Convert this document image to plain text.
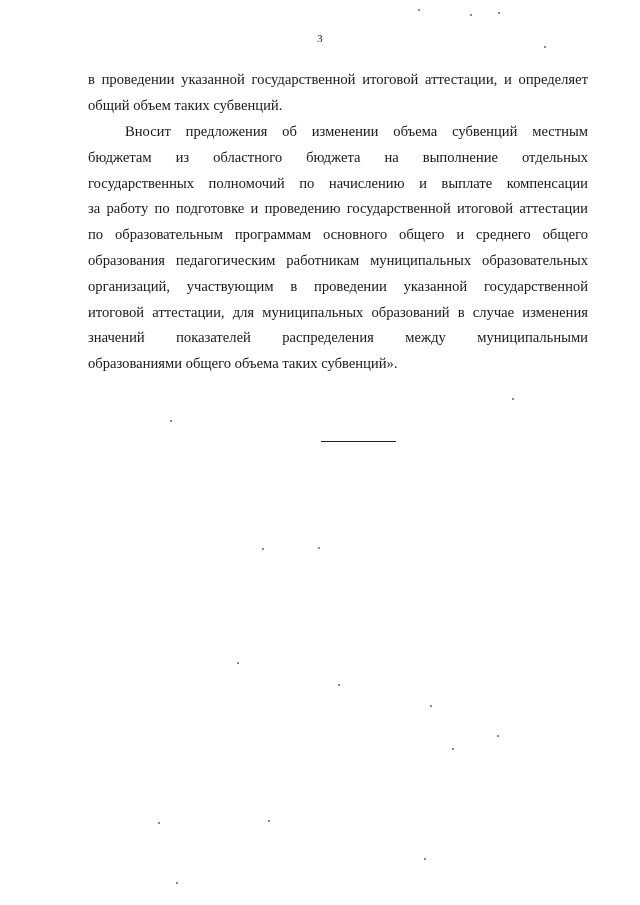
3
в проведении указанной государственной итоговой аттестации, и определяет
общий объем таких субвенций.
Вносит предложения об изменении объема субвенций местным
бюджетам из областного бюджета на выполнение отдельных
государственных полномочий по начислению и выплате компенсации
за работу по подготовке и проведению государственной итоговой аттестации
по образовательным программам основного общего и среднего общего
образования педагогическим работникам муниципальных образовательных
организаций, участвующим в проведении указанной государственной
итоговой аттестации, для муниципальных образований в случае изменения
значений показателей распределения между муниципальными
образованиями общего объема таких субвенций».
